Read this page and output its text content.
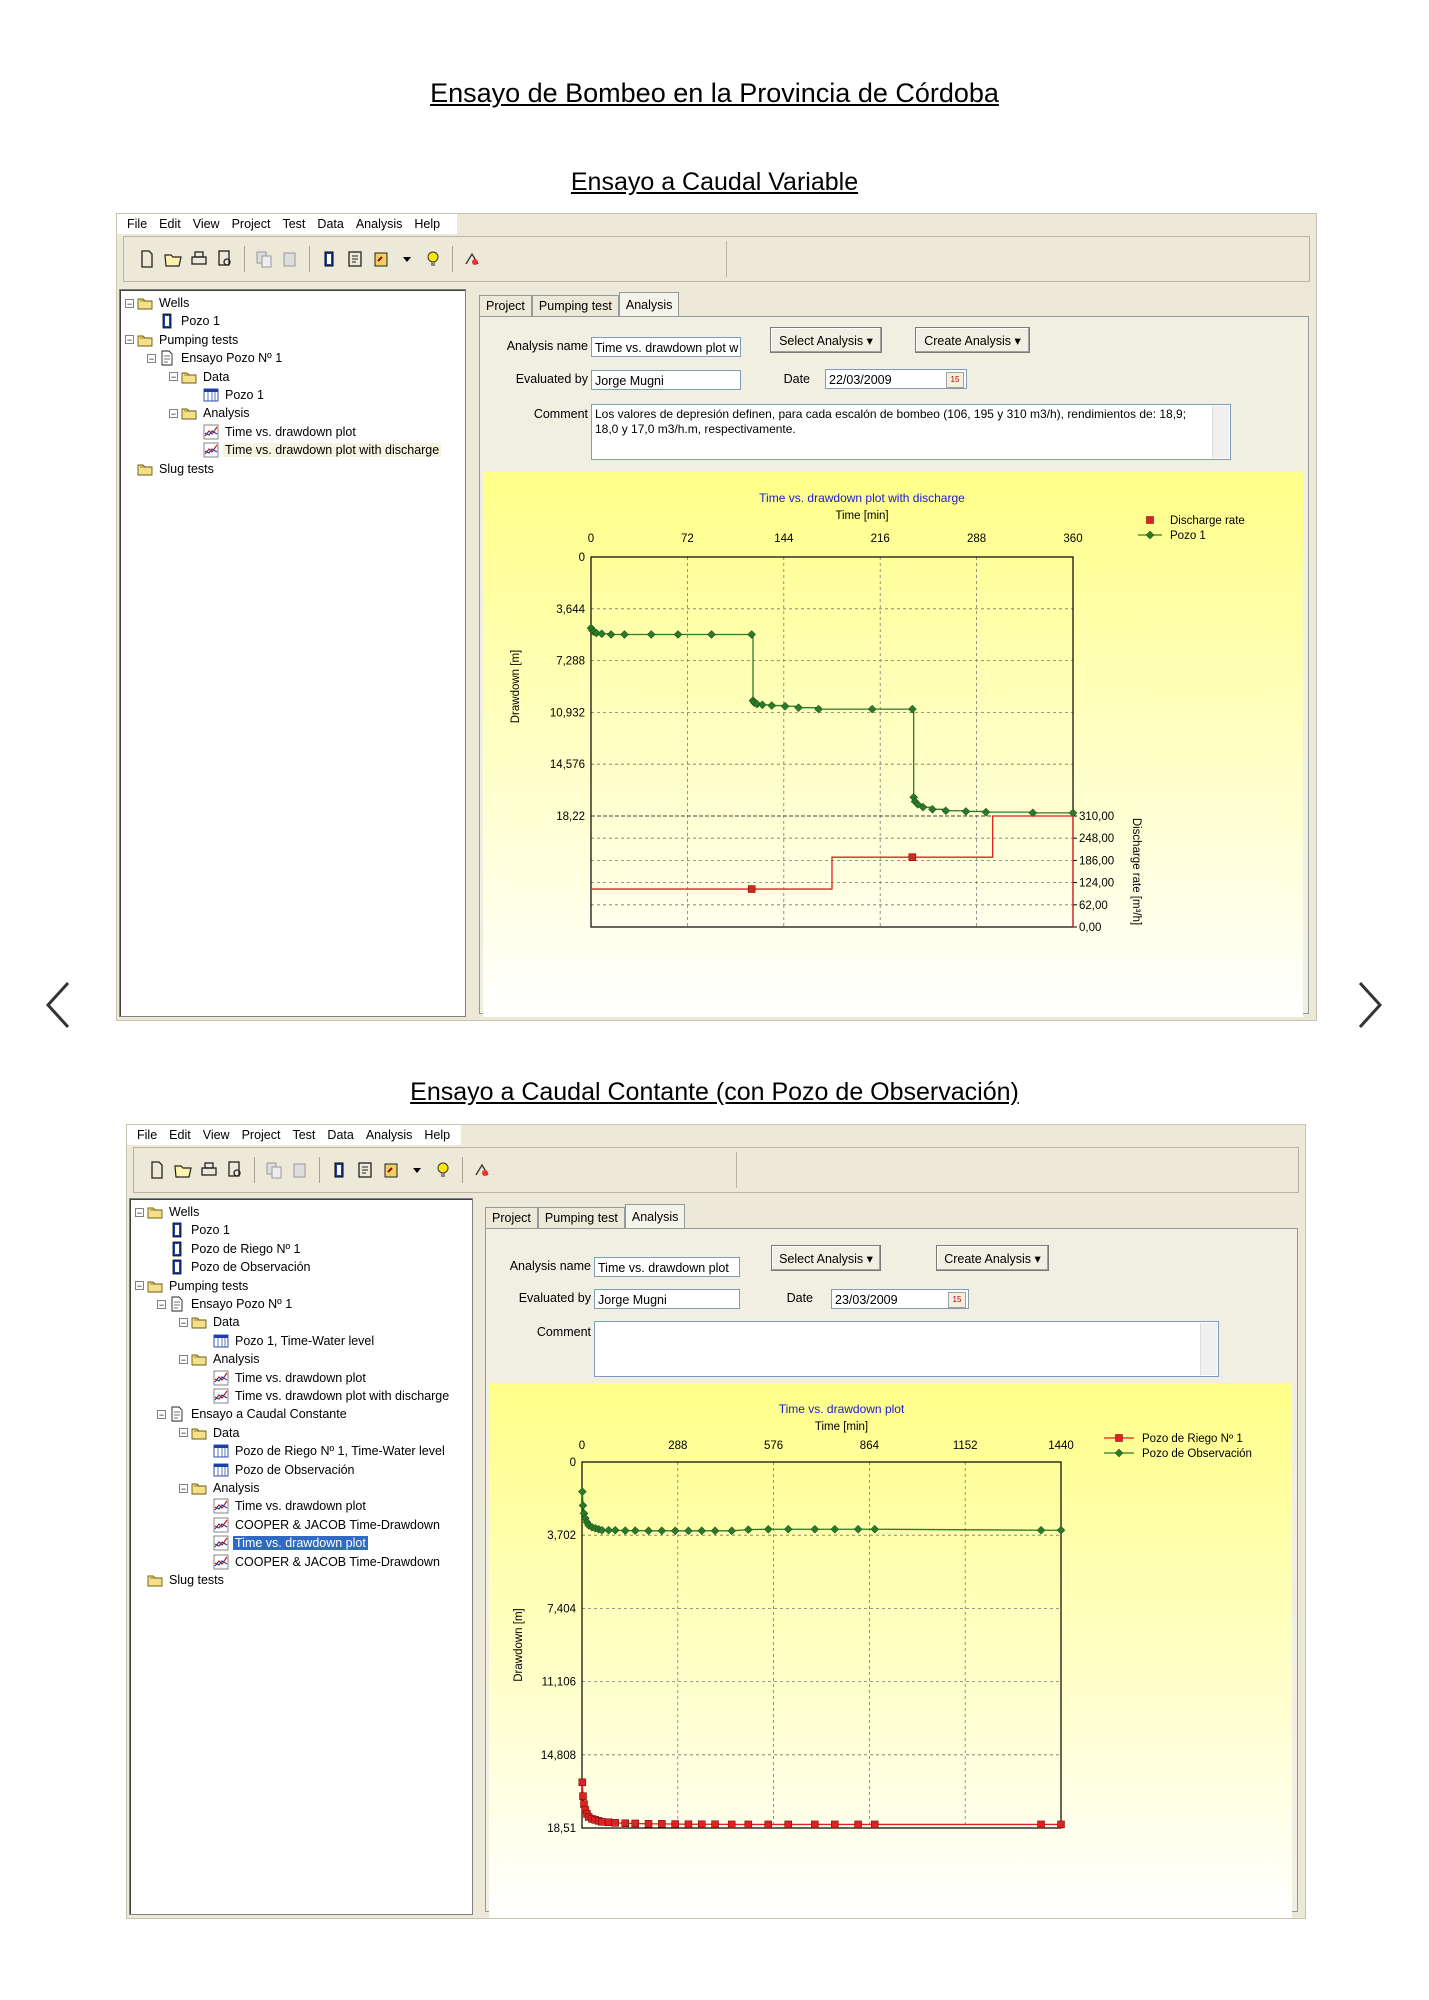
Ensayo de Bombeo en la Provincia de Córdoba
Ensayo a Caudal Variable
Ensayo a Caudal Contante (con Pozo de Observación)
File Edit View Project Test Data Analysis Help
− Wells
Pozo 1
− Pumping tests
− Ensayo Pozo Nº 1
− Data
Pozo 1
− Analysis
Time vs. drawdown plot
Time vs. drawdown plot with discharge
Slug tests
Project	Pumping test	Analysis
Analysis name Time vs. drawdown plot w
Select Analysis ▾	Create Analysis ▾
Evaluated by Jorge Mugni	Date	22/03/2009	15
Comment Los valores de depresión definen, para cada escalón de bombeo (106, 195 y 310 m3/h), rendimientos de: 18,9; 18,0 y 17,0 m3/h.m, respectivamente.
Time vs. drawdown plot with discharge
Time [min]
Drawdown [m]
Discharge rate [m³/h]
0	72	144	216	288	360
0
3,644
7,288
10,932
14,576
18,22	310,00
248,00
186,00
124,00
62,00
0,00
Discharge rate
Pozo 1
File Edit View Project Test Data Analysis Help
− Wells
Pozo 1
Pozo de Riego Nº 1
Pozo de Observación
− Pumping tests
− Ensayo Pozo Nº 1
− Data
Pozo 1, Time-Water level
− Analysis
Time vs. drawdown plot
Time vs. drawdown plot with discharge
− Ensayo a Caudal Constante
− Data
Pozo de Riego Nº 1, Time-Water level
Pozo de Observación
− Analysis
Time vs. drawdown plot
COOPER & JACOB Time-Drawdown
Time vs. drawdown plot
COOPER & JACOB Time-Drawdown
Slug tests
Project	Pumping test	Analysis
Analysis name Time vs. drawdown plot
Select Analysis ▾	Create Analysis ▾
Evaluated by Jorge Mugni	Date	23/03/2009	15
Comment
Time vs. drawdown plot
Time [min]
Drawdown [m]
0	288	576	864	1152	1440
0
3,702
7,404
11,106
14,808
18,51
Pozo de Riego Nº 1
Pozo de Observación
